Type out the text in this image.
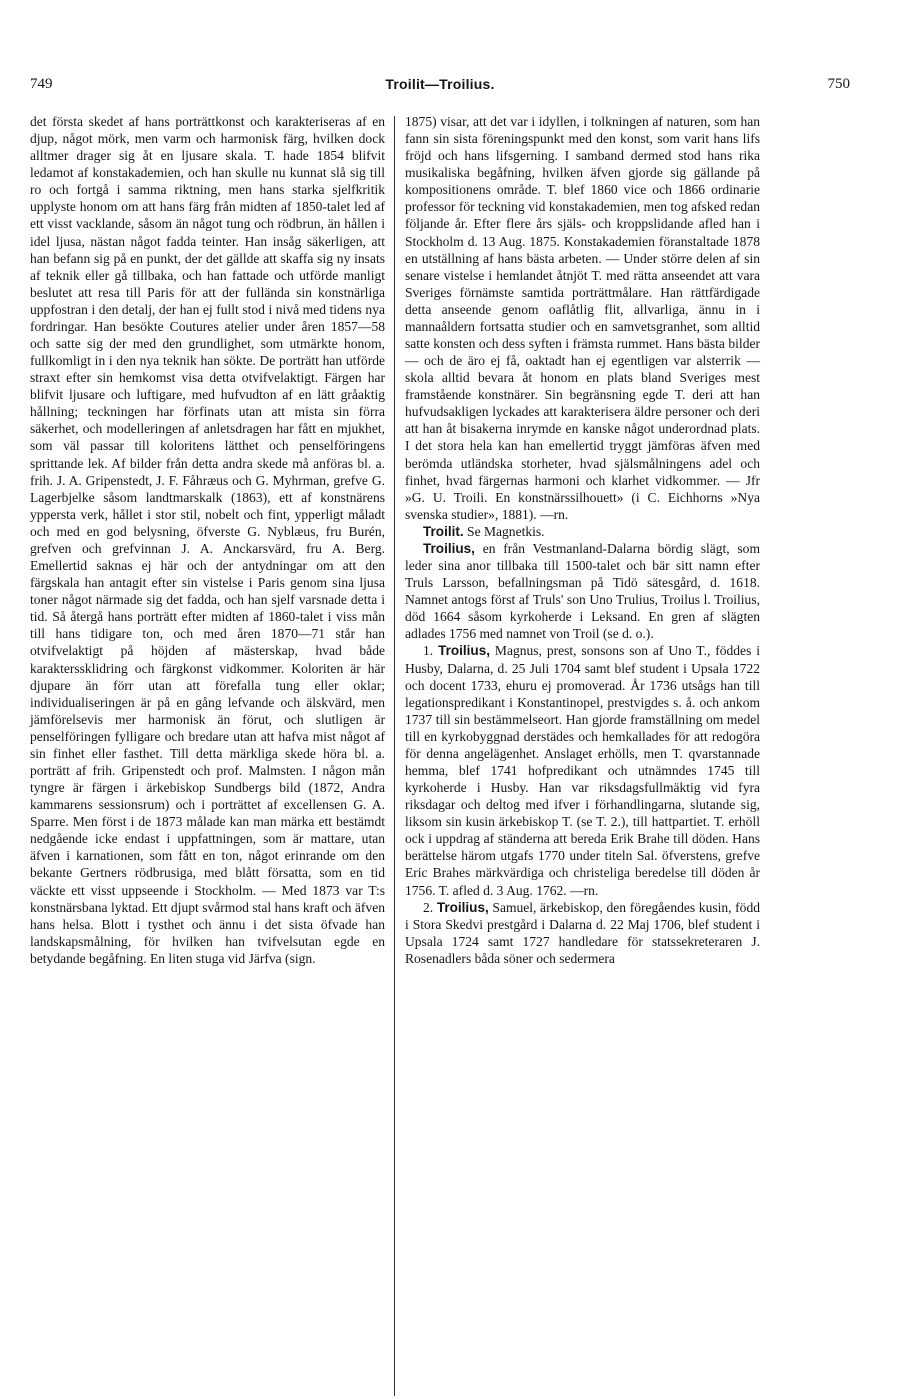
749	Troilit—Troilius.	750

det första skedet af hans porträttkonst och karakteriseras af en djup, något mörk, men varm och harmonisk färg, hvilken dock alltmer drager sig åt en ljusare skala. T. hade 1854 blifvit ledamot af konstakademien, och han skulle nu kunnat slå sig till ro och fortgå i samma riktning, men hans starka sjelfkritik upplyste honom om att hans färg från midten af 1850-talet led af ett visst vacklande, såsom än något tung och rödbrun, än hållen i idel ljusa, nästan något fadda teinter. Han insåg säkerligen, att han befann sig på en punkt, der det gällde att skaffa sig ny insats af teknik eller gå tillbaka, och han fattade och utförde manligt beslutet att resa till Paris för att der fullända sin konstnärliga uppfostran i den detalj, der han ej fullt stod i nivå med tidens nya fordringar. Han besökte Coutures atelier under åren 1857—58 och satte sig der med den grundlighet, som utmärkte honom, fullkomligt in i den nya teknik han sökte. De porträtt han utförde straxt efter sin hemkomst visa detta otvifvelaktigt. Färgen har blifvit ljusare och luftigare, med hufvudton af en lätt gråaktig hållning; teckningen har förfinats utan att mista sin förra säkerhet, och modelleringen af anletsdragen har fått en mjukhet, som väl passar till koloritens lätthet och penselföringens sprittande lek. Af bilder från detta andra skede må anföras bl. a. frih. J. A. Gripenstedt, J. F. Fåhræus och G. Myhrman, grefve G. Lagerbjelke såsom landtmarskalk (1863), ett af konstnärens yppersta verk, hållet i stor stil, nobelt och fint, ypperligt måladt och med en god belysning, öfverste G. Nyblæus, fru Burén, grefven och grefvinnan J. A. Anckarsvärd, fru A. Berg. Emellertid saknas ej här och der antydningar om att den färgskala han antagit efter sin vistelse i Paris genom sina ljusa toner något närmade sig det fadda, och han sjelf varsnade detta i tid. Så återgå hans porträtt efter midten af 1860-talet i viss mån till hans tidigare ton, och med åren 1870—71 står han otvifvelaktigt på höjden af mästerskap, hvad både karakterssklidring och färgkonst vidkommer. Koloriten är här djupare än förr utan att förefalla tung eller oklar; individualiseringen är på en gång lefvande och älskvärd, men jämförelsevis mer harmonisk än förut, och slutligen är penselföringen fylligare och bredare utan att hafva mist något af sin finhet eller fasthet. Till detta märkliga skede höra bl. a. porträtt af frih. Gripenstedt och prof. Malmsten. I någon mån tyngre är färgen i ärkebiskop Sundbergs bild (1872, Andra kammarens sessionsrum) och i porträttet af excellensen G. A. Sparre. Men först i de 1873 målade kan man märka ett bestämdt nedgående icke endast i uppfattningen, som är mattare, utan äfven i karnationen, som fått en ton, något erinrande om den bekante Gertners rödbrusiga, med blått försatta, som en tid väckte ett visst uppseende i Stockholm. — Med 1873 var T:s konstnärsbana lyktad. Ett djupt svårmod stal hans kraft och äfven hans helsa. Blott i tysthet och ännu i det sista öfvade han landskapsmålning, för hvilken han tvifvelsutan egde en betydande begåfning. En liten stuga vid Järfva (sign.

1875) visar, att det var i idyllen, i tolkningen af naturen, som han fann sin sista föreningspunkt med den konst, som varit hans lifs fröjd och hans lifsgerning. I samband dermed stod hans rika musikaliska begåfning, hvilken äfven gjorde sig gällande på kompositionens område. T. blef 1860 vice och 1866 ordinarie professor för teckning vid konstakademien, men tog afsked redan följande år. Efter flere års själs- och kroppslidande afled han i Stockholm d. 13 Aug. 1875. Konstakademien föranstaltade 1878 en utställning af hans bästa arbeten. — Under större delen af sin senare vistelse i hemlandet åtnjöt T. med rätta anseendet att vara Sveriges förnämste samtida porträttmålare. Han rättfärdigade detta anseende genom oaflåtlig flit, allvarliga, ännu in i mannaåldern fortsatta studier och en samvetsgranhet, som alltid satte konsten och dess syften i främsta rummet. Hans bästa bilder — och de äro ej få, oaktadt han ej egentligen var alsterrik — skola alltid bevara åt honom en plats bland Sveriges mest framstående konstnärer. Sin begränsning egde T. deri att han hufvudsakligen lyckades att karakterisera äldre personer och deri att han åt bisakerna inrymde en kanske något underordnad plats. I det stora hela kan han emellertid tryggt jämföras äfven med berömda utländska storheter, hvad själsmålningens adel och finhet, hvad färgernas harmoni och klarhet vidkommer. — Jfr »G. U. Troili. En konstnärssilhouett» (i C. Eichhorns »Nya svenska studier», 1881). —rn.

Troilit. Se Magnetkis.

Troilius, en från Vestmanland-Dalarna bördig slägt, som leder sina anor tillbaka till 1500-talet och bär sitt namn efter Truls Larsson, befallningsman på Tidö sätesgård, d. 1618. Namnet antogs först af Truls' son Uno Trulius, Troilus l. Troilius, död 1664 såsom kyrkoherde i Leksand. En gren af slägten adlades 1756 med namnet von Troil (se d. o.).

1. Troilius, Magnus, prest, sonsons son af Uno T., föddes i Husby, Dalarna, d. 25 Juli 1704 samt blef student i Upsala 1722 och docent 1733, ehuru ej promoverad. År 1736 utsågs han till legationspredikant i Konstantinopel, prestvigdes s. å. och ankom 1737 till sin bestämmelseort. Han gjorde framställning om medel till en kyrkobyggnad derstädes och hemkallades för att redogöra för denna angelägenhet. Anslaget erhölls, men T. qvarstannade hemma, blef 1741 hofpredikant och utnämndes 1745 till kyrkoherde i Husby. Han var riksdagsfullmäktig vid fyra riksdagar och deltog med ifver i förhandlingarna, slutande sig, liksom sin kusin ärkebiskop T. (se T. 2.), till hattpartiet. T. erhöll ock i uppdrag af ständerna att bereda Erik Brahe till döden. Hans berättelse härom utgafs 1770 under titeln Sal. öfverstens, grefve Eric Brahes märkvärdiga och christeliga beredelse till döden år 1756. T. afled d. 3 Aug. 1762. —rn.

2. Troilius, Samuel, ärkebiskop, den föregåendes kusin, född i Stora Skedvi prestgård i Dalarna d. 22 Maj 1706, blef student i Upsala 1724 samt 1727 handledare för statssekreteraren J. Rosenadlers båda söner och sedermera
